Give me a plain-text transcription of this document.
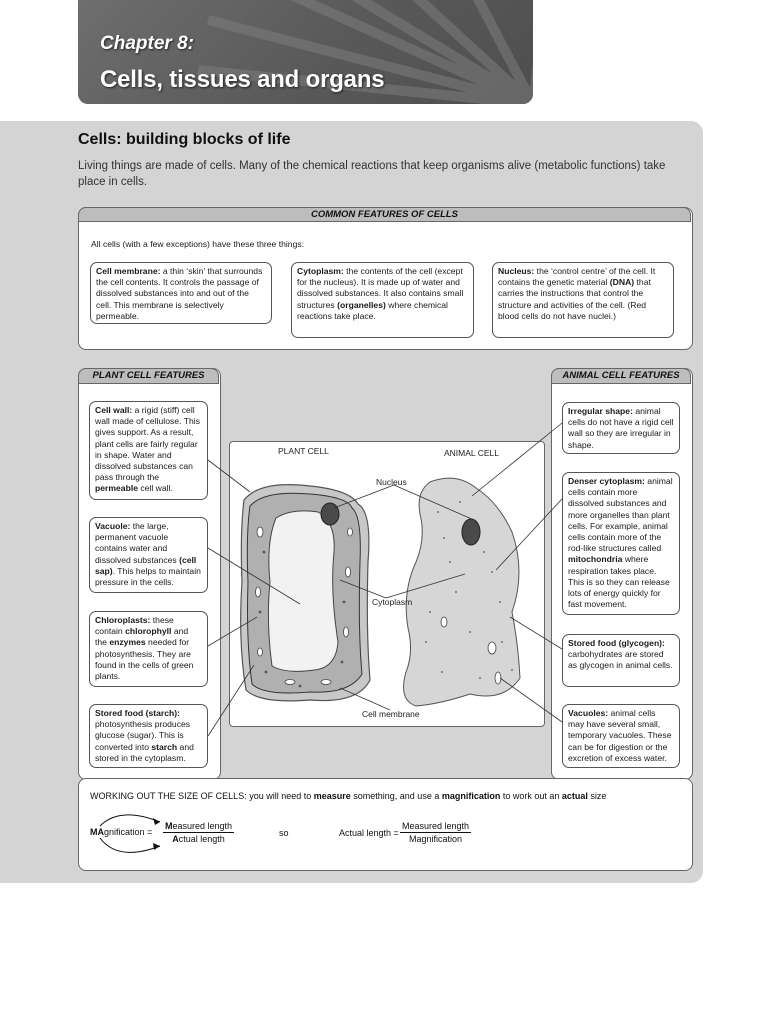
Chapter 8:
Cells, tissues and organs
Cells: building blocks of life
Living things are made of cells. Many of the chemical reactions that keep organisms alive (metabolic functions) take place in cells.
COMMON FEATURES OF CELLS
All cells (with a few exceptions) have these three things:
Cell membrane: a thin ‘skin’ that surrounds the cell contents. It controls the passage of dissolved substances into and out of the cell. This membrane is selectively permeable.
Cytoplasm: the contents of the cell (except for the nucleus). It is made up of water and dissolved substances. It also contains small structures (organelles) where chemical reactions take place.
Nucleus: the ‘control centre’ of the cell. It contains the genetic material (DNA) that carries the instructions that control the structure and activities of the cell. (Red blood cells do not have nuclei.)
PLANT CELL FEATURES
Cell wall: a rigid (stiff) cell wall made of cellulose. This gives support. As a result, plant cells are fairly regular in shape. Water and dissolved substances can pass through the permeable cell wall.
Vacuole: the large, permanent vacuole contains water and dissolved substances (cell sap). This helps to maintain pressure in the cells.
Chloroplasts: these contain chlorophyll and the enzymes needed for photosynthesis. They are found in the cells of green plants.
Stored food (starch): photosynthesis produces glucose (sugar). This is converted into starch and stored in the cytoplasm.
ANIMAL CELL FEATURES
Irregular shape: animal cells do not have a rigid cell wall so they are irregular in shape.
Denser cytoplasm: animal cells contain more dissolved substances and more organelles than plant cells. For example, animal cells contain more of the rod-like structures called mitochondria where respiration takes place. This is so they can release lots of energy quickly for fast movement.
Stored food (glycogen): carbohydrates are stored as glycogen in animal cells.
Vacuoles: animal cells may have several small, temporary vacuoles. These can be for digestion or the excretion of excess water.
PLANT CELL	ANIMAL CELL
Nucleus
Cytoplasm
Cell membrane
WORKING OUT THE SIZE OF CELLS: you will need to measure something, and use a magnification to work out an actual size
MAgnification =
Measured length
Actual length
so	Actual length =
Measured length
Magnification
